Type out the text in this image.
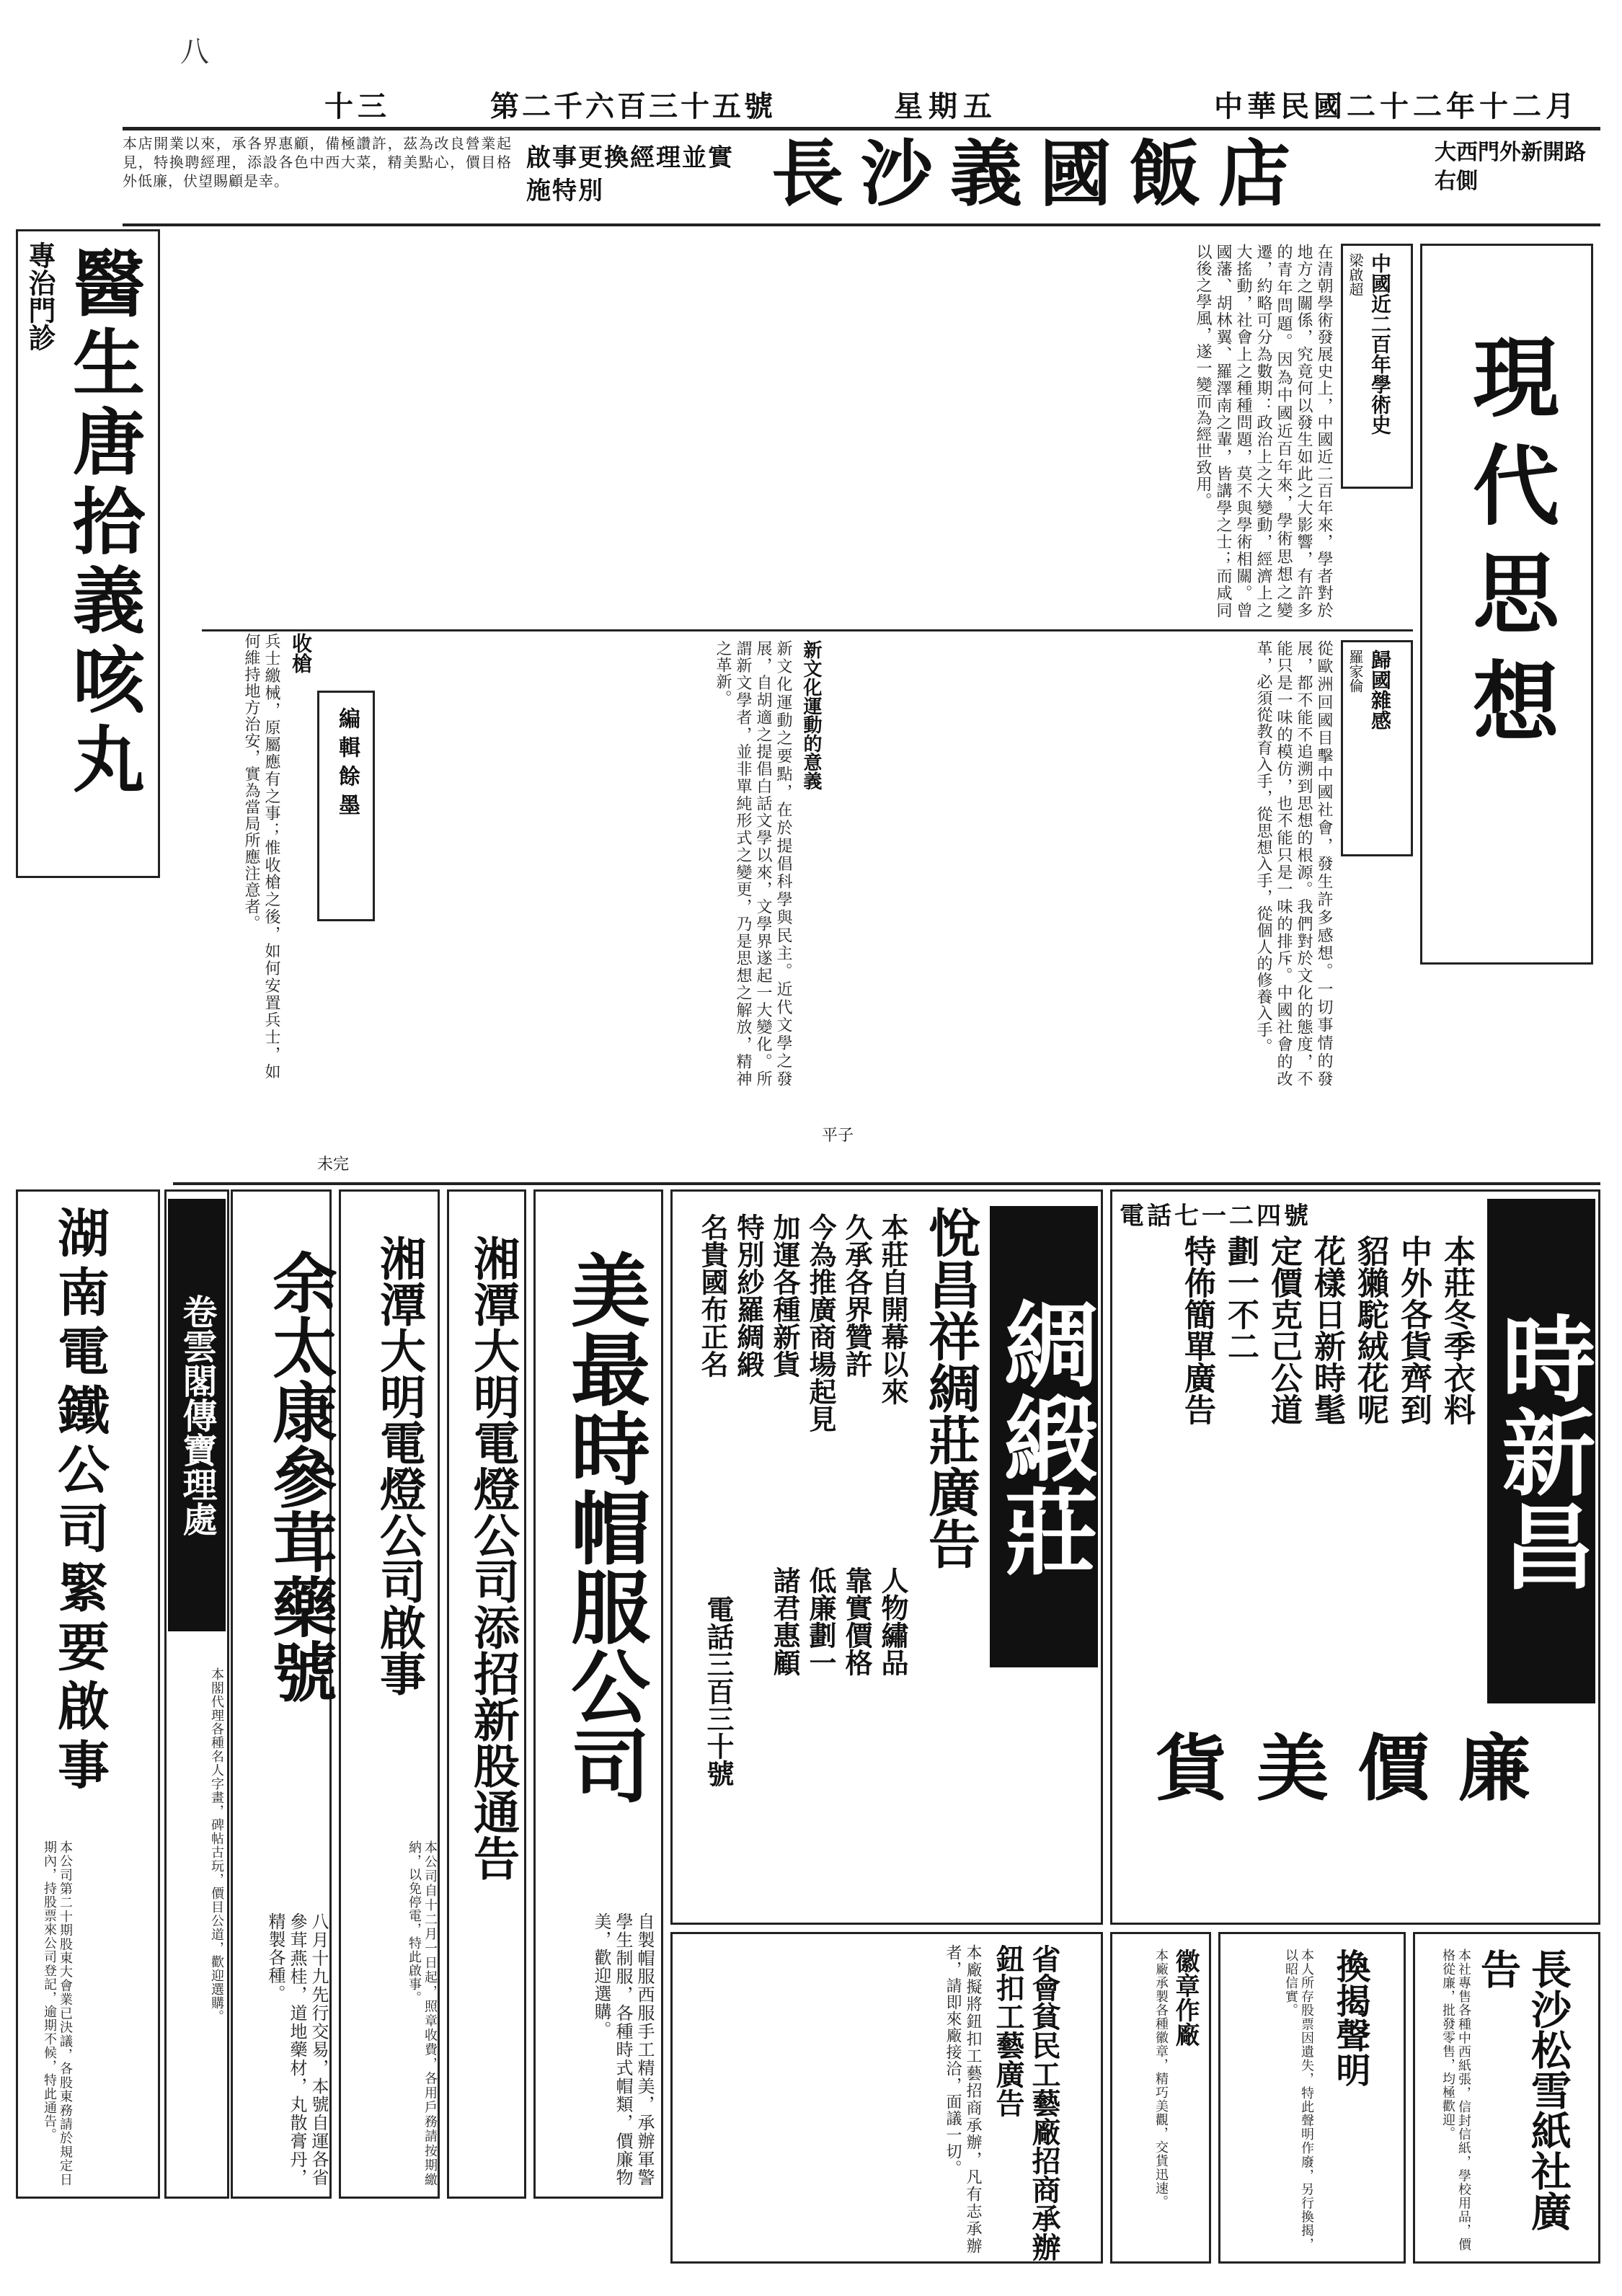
八
中華民國二十二年十二月
星期五
第二千六百三十五號
十三
本店開業以來，承各界惠顧，備極讚許，茲為改良營業起見，特換聘經理，添設各色中西大菜，精美點心，價目格外低廉，伏望賜顧是幸。
啟事更換經理並實施特別	長沙義國飯店	大西門外新開路右側
專治門診 醫生唐拾義咳丸
湖南電鐵公司緊要啟事
本公司第二十期股東大會業已決議，各股東務請於規定日期內，持股票來公司登記，逾期不候，特此通告。
卷雲閣傳寶理處
本閣代理各種名人字畫，碑帖古玩，價目公道，歡迎選購。
現代思想
中國近二百年學術史
梁啟超
在清朝學術發展史上，中國近二百年來，學者對於地方之關係，究竟何以發生如此之大影響，有許多的青年問題。因為中國近百年來，學術思想之變遷，約略可分為數期：政治上之大變動，經濟上之大搖動，社會上之種種問題，莫不與學術相關。曾國藩、胡林翼、羅澤南之輩，皆講學之士；而咸同以後之學風，遂一變而為經世致用。
歸國雜感
羅家倫
從歐洲回國目擊中國社會，發生許多感想。一切事情的發展，都不能不追溯到思想的根源。我們對於文化的態度，不能只是一味的模仿，也不能只是一味的排斥。中國社會的改革，必須從教育入手，從思想入手，從個人的修養入手。
新文化運動之要點，在於提倡科學與民主。近代文學之發展，自胡適之提倡白話文學以來，文學界遂起一大變化。所謂新文學者，並非單純形式之變更，乃是思想之解放，精神之革新。	新文化運動的意義
編輯餘墨
收槍
兵士繳械，原屬應有之事；惟收槍之後，如何安置兵士，如何維持地方治安，實為當局所應注意者。
平子
未完
電話七一二四號
時新昌
貨美價廉
本莊冬季衣料
中外各貨齊到
貂獺駝絨花呢
花樣日新時髦
定價克己公道
劃一不二
特佈簡單廣告
綢緞莊
悅昌祥綢莊廣告
本莊自開幕以來
久承各界贊許
今為推廣商場起見
加運各種新貨
特別紗羅綢緞
名貴國布正名
人物繡品
靠實價格
低廉劃一
諸君惠顧
電話三百三十號
美最時帽服公司
自製帽服西服手工精美，承辦軍警學生制服，各種時式帽類，價廉物美，歡迎選購。
湘潭大明電燈公司添招新股通告
湘潭大明電燈公司啟事
本公司自十二月一日起，照章收費，各用戶務請按期繳納，以免停電，特此啟事。
余太康參茸藥號
八月十九先行交易，本號自運各省參茸燕桂，道地藥材，丸散膏丹，精製各種。	長沙松雪紙社廣告
本社專售各種中西紙張，信封信紙，學校用品，價格從廉，批發零售，均極歡迎。
換揭聲明
本人所存股票因遺失，特此聲明作廢，另行換揭，以昭信實。
徽章作廠
本廠承製各種徽章，精巧美觀，交貨迅速。
省會貧民工藝廠招商承辦鈕扣工藝廣告
本廠擬將鈕扣工藝招商承辦，凡有志承辦者，請即來廠接洽，面議一切。
